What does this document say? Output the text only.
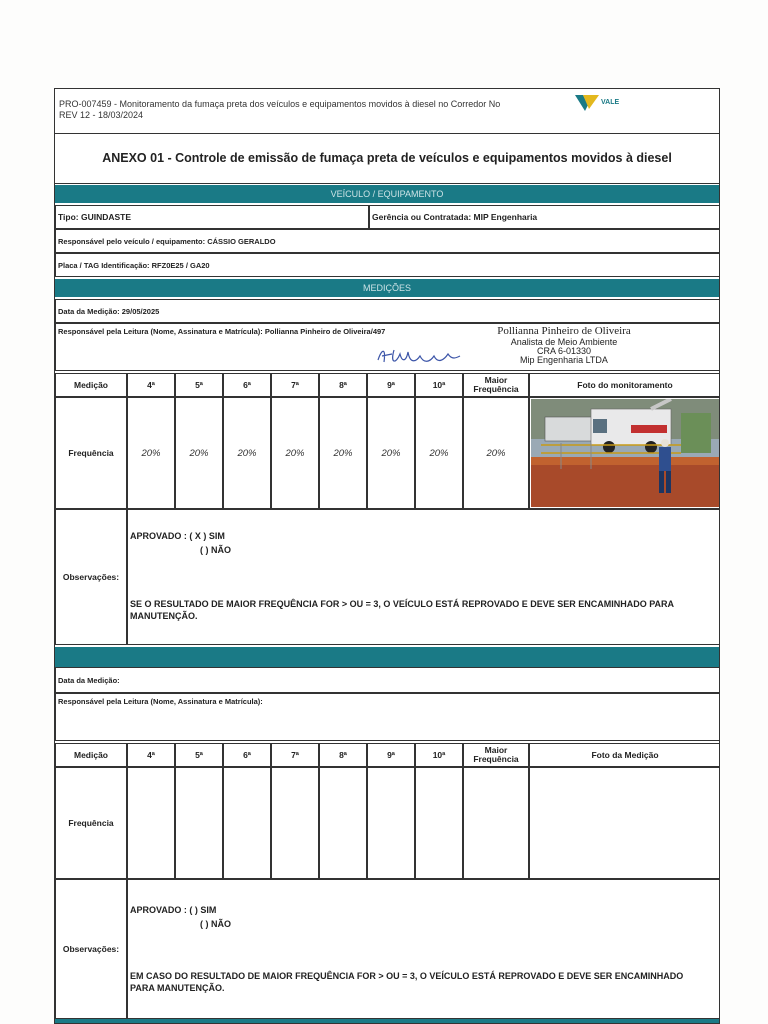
PRO-007459 - Monitoramento da fumaça preta dos veículos e equipamentos movidos à diesel no Corredor No
REV 12 - 18/03/2024
VALE
ANEXO 01 - Controle de emissão de fumaça preta de veículos e equipamentos movidos à diesel
VEÍCULO / EQUIPAMENTO
Tipo: GUINDASTE	Gerência ou Contratada: MIP Engenharia
Responsável pelo veículo / equipamento: CÁSSIO GERALDO
Placa / TAG Identificação: RFZ0E25 / GA20
MEDIÇÕES
Data da Medição: 29/05/2025
Responsável pela Leitura (Nome, Assinatura e Matrícula): Pollianna Pinheiro de Oliveira/497	Pollianna Pinheiro de Oliveira
Analista de Meio Ambiente
CRA 6-01330
Mip Engenharia LTDA
Observações:
APROVADO : ( X ) SIM
( ) NÃO
SE O RESULTADO DE MAIOR FREQUÊNCIA FOR > OU = 3, O VEÍCULO ESTÁ REPROVADO E DEVE SER ENCAMINHADO PARA MANUTENÇÃO.
Data da Medição:
Responsável pela Leitura (Nome, Assinatura e Matrícula):
Observações:
APROVADO : ( ) SIM
( ) NÃO
EM CASO DO RESULTADO DE MAIOR FREQUÊNCIA FOR > OU = 3, O VEÍCULO ESTÁ REPROVADO E DEVE SER ENCAMINHADO PARA MANUTENÇÃO.
Medição	4ª	5ª	6ª	7ª	8ª	9ª	10ª	Maior Frequência	Foto do monitoramento
Frequência	20%	20%	20%	20%	20%	20%	20%	20%
Medição	4ª	5ª	6ª	7ª	8ª	9ª	10ª	Maior Frequência	Foto da Medição
Frequência
